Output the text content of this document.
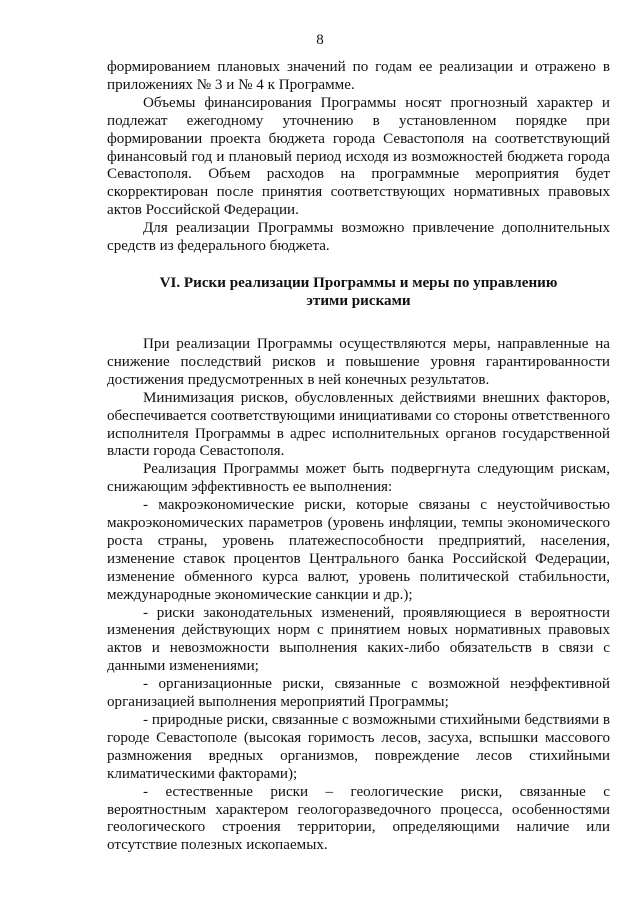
8

формированием плановых значений по годам ее реализации и отражено в приложениях № 3 и № 4 к Программе.

Объемы финансирования Программы носят прогнозный характер и подлежат ежегодному уточнению в установленном порядке при формировании проекта бюджета города Севастополя на соответствующий финансовый год и плановый период исходя из возможностей бюджета города Севастополя. Объем расходов на программные мероприятия будет скорректирован после принятия соответствующих нормативных правовых актов Российской Федерации.

Для реализации Программы возможно привлечение дополнительных средств из федерального бюджета.

VI. Риски реализации Программы и меры по управлению
этими рисками

При реализации Программы осуществляются меры, направленные на снижение последствий рисков и повышение уровня гарантированности достижения предусмотренных в ней конечных результатов.

Минимизация рисков, обусловленных действиями внешних факторов, обеспечивается соответствующими инициативами со стороны ответственного исполнителя Программы в адрес исполнительных органов государственной власти города Севастополя.

Реализация Программы может быть подвергнута следующим рискам, снижающим эффективность ее выполнения:

- макроэкономические риски, которые связаны с неустойчивостью макроэкономических параметров (уровень инфляции, темпы экономического роста страны, уровень платежеспособности предприятий, населения, изменение ставок процентов Центрального банка Российской Федерации, изменение обменного курса валют, уровень политической стабильности, международные экономические санкции и др.);

- риски законодательных изменений, проявляющиеся в вероятности изменения действующих норм с принятием новых нормативных правовых актов и невозможности выполнения каких-либо обязательств в связи с данными изменениями;

- организационные риски, связанные с возможной неэффективной организацией выполнения мероприятий Программы;

- природные риски, связанные с возможными стихийными бедствиями в городе Севастополе (высокая горимость лесов, засуха, вспышки массового размножения вредных организмов, повреждение лесов стихийными климатическими факторами);

- естественные риски – геологические риски, связанные с вероятностным характером геологоразведочного процесса, особенностями геологического строения территории, определяющими наличие или отсутствие полезных ископаемых.
